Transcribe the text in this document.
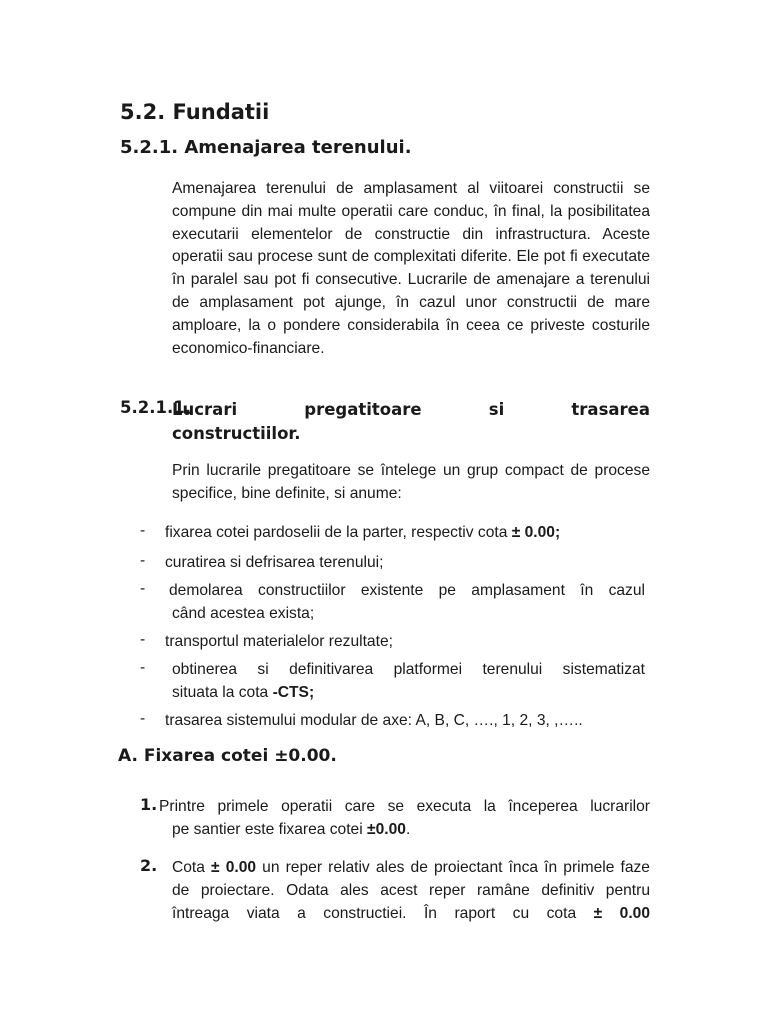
5.2. Fundatii
5.2.1. Amenajarea terenului.
Amenajarea terenului de amplasament al viitoarei constructii se compune din mai multe operatii care conduc, în final, la posibilitatea executarii elementelor de constructie din infrastructura. Aceste operatii sau procese sunt de complexitati diferite. Ele pot fi executate în paralel sau pot fi consecutive. Lucrarile de amenajare a terenului de amplasament pot ajunge, în cazul unor constructii de mare amploare, la o pondere considerabila în ceea ce priveste costurile economico-financiare.
5.2.1.1.
Lucrari pregatitoare si trasarea
constructiilor.
Prin lucrarile pregatitoare se întelege un grup compact de procese specifice, bine definite, si anume:
- fixarea cotei pardoselii de la parter, respectiv cota ± 0.00;
- curatirea si defrisarea terenului;
- demolarea constructiilor existente pe amplasament în cazul
când acestea exista;
- transportul materialelor rezultate;
- obtinerea si definitivarea platformei terenului sistematizat
situata la cota -CTS;
- trasarea sistemului modular de axe: A, B, C, …., 1, 2, 3, ,…..
A. Fixarea cotei ±0.00.
1. Printre primele operatii care se executa la începerea lucrarilor
pe santier este fixarea cotei ±0.00.
2. Cota ± 0.00 un reper relativ ales de proiectant înca în primele faze de proiectare. Odata ales acest reper ramâne definitiv pentru întreaga viata a constructiei. În raport cu cota ± 0.00
